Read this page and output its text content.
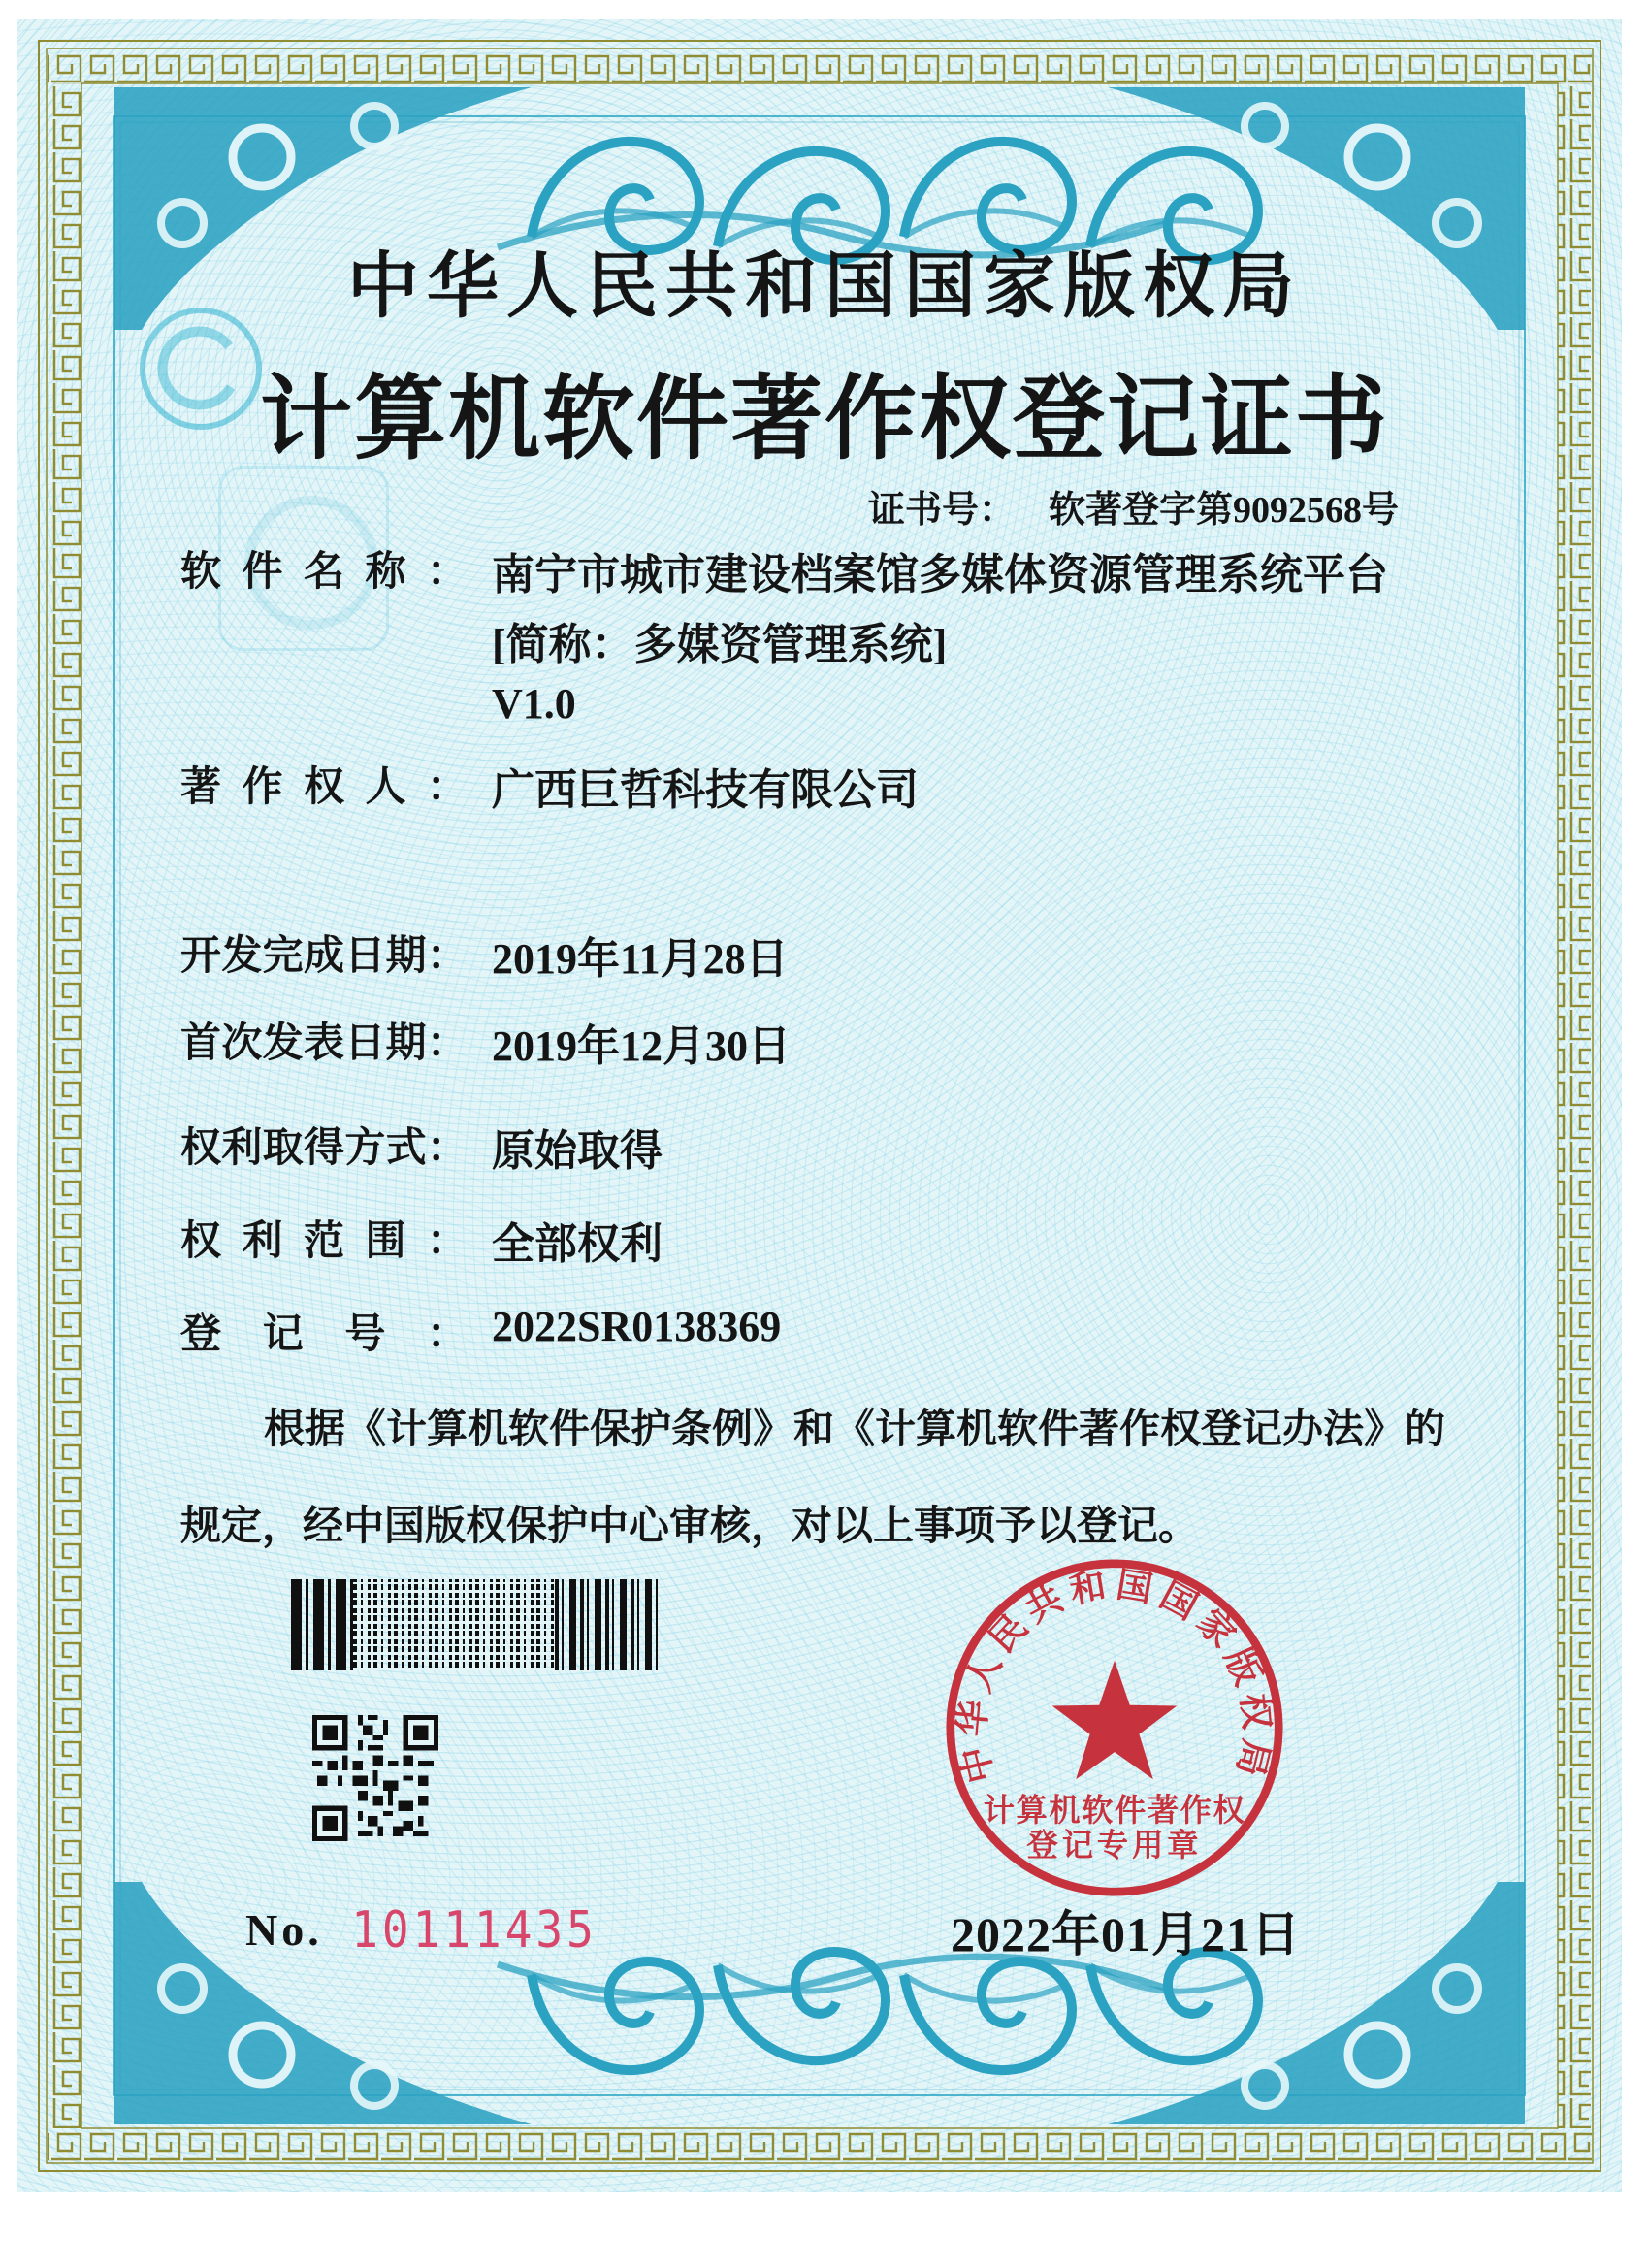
中华人民共和国国家版权局
计算机软件著作权登记证书
证书号： 软著登字第9092568号
软件名称： 南宁市城市建设档案馆多媒体资源管理系统平台
[简称：多媒资管理系统]
V1.0
著作权人： 广西巨哲科技有限公司
开发完成日期： 2019年11月28日
首次发表日期： 2019年12月30日
权利取得方式： 原始取得
权利范围： 全部权利
登记号： 2022SR0138369
根据《计算机软件保护条例》和《计算机软件著作权登记办法》的
规定，经中国版权保护中心审核，对以上事项予以登记。
No. 10111435
中华人民共和国国家版权局
计算机软件著作权
登记专用章
2022年01月21日
